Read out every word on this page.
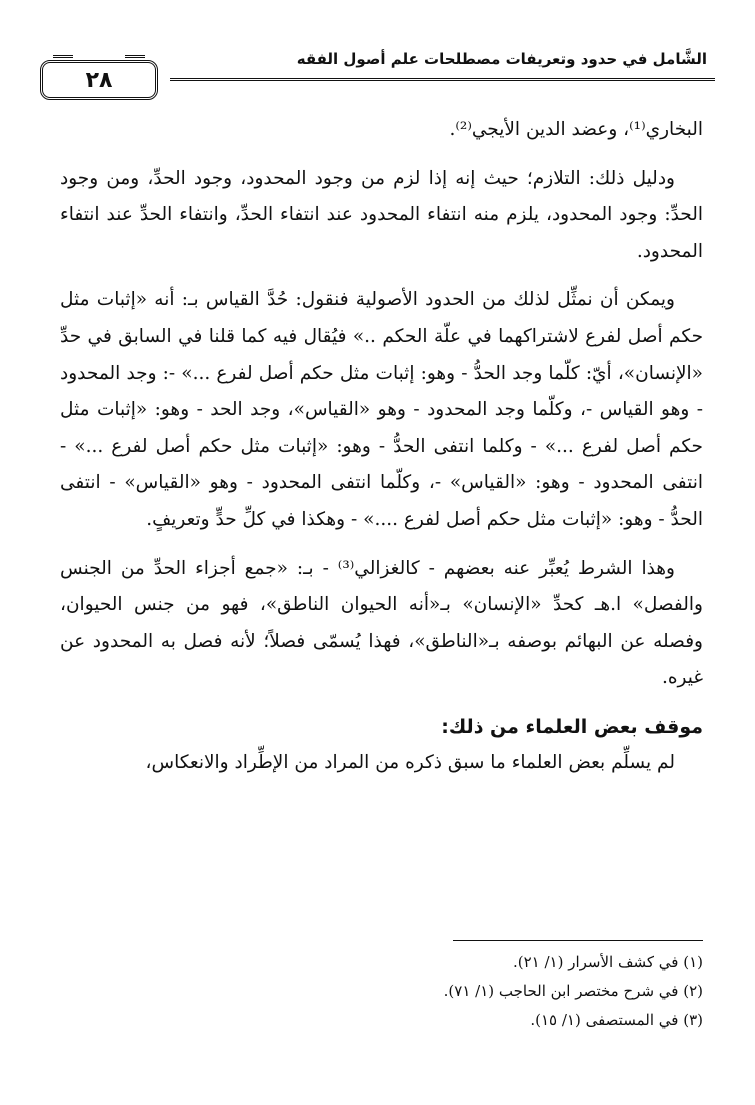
الشَّامل في حدود وتعريفات مصطلحات علم أصول الفقه
٢٨

البخاري⁽¹⁾، وعضد الدين الأيجي⁽²⁾.

ودليل ذلك: التلازم؛ حيث إنه إذا لزم من وجود المحدود، وجود الحدِّ، ومن وجود الحدِّ: وجود المحدود، يلزم منه انتفاء المحدود عند انتفاء الحدِّ، وانتفاء الحدِّ عند انتفاء المحدود.

ويمكن أن نمثِّل لذلك من الحدود الأصولية فنقول: حُدَّ القياس بـ: أنه «إثبات مثل حكم أصل لفرع لاشتراكهما في علّة الحكم ..» فيُقال فيه كما قلنا في السابق في حدِّ «الإنسان»، أيّ: كلّما وجد الحدُّ - وهو: إثبات مثل حكم أصل لفرع ...» -: وجد المحدود - وهو القياس -، وكلّما وجد المحدود - وهو «القياس»، وجد الحد - وهو: «إثبات مثل حكم أصل لفرع ...» - وكلما انتفى الحدُّ - وهو: «إثبات مثل حكم أصل لفرع ...» - انتفى المحدود - وهو: «القياس» -، وكلّما انتفى المحدود - وهو «القياس» - انتفى الحدُّ - وهو: «إثبات مثل حكم أصل لفرع ....» - وهكذا في كلِّ حدٍّ وتعريفٍ.

وهذا الشرط يُعبِّر عنه بعضهم - كالغزالي⁽³⁾ - بـ: «جمع أجزاء الحدِّ من الجنس والفصل» ا.هـ كحدِّ «الإنسان» بـ«أنه الحيوان الناطق»، فهو من جنس الحيوان، وفصله عن البهائم بوصفه بـ«الناطق»، فهذا يُسمّى فصلاً؛ لأنه فصل به المحدود عن غيره.

موقف بعض العلماء من ذلك:

لم يسلِّم بعض العلماء ما سبق ذكره من المراد من الإطِّراد والانعكاس،

(١) في كشف الأسرار (١/ ٢١).

(٢) في شرح مختصر ابن الحاجب (١/ ٧١).

(٣) في المستصفى (١/ ١٥).
